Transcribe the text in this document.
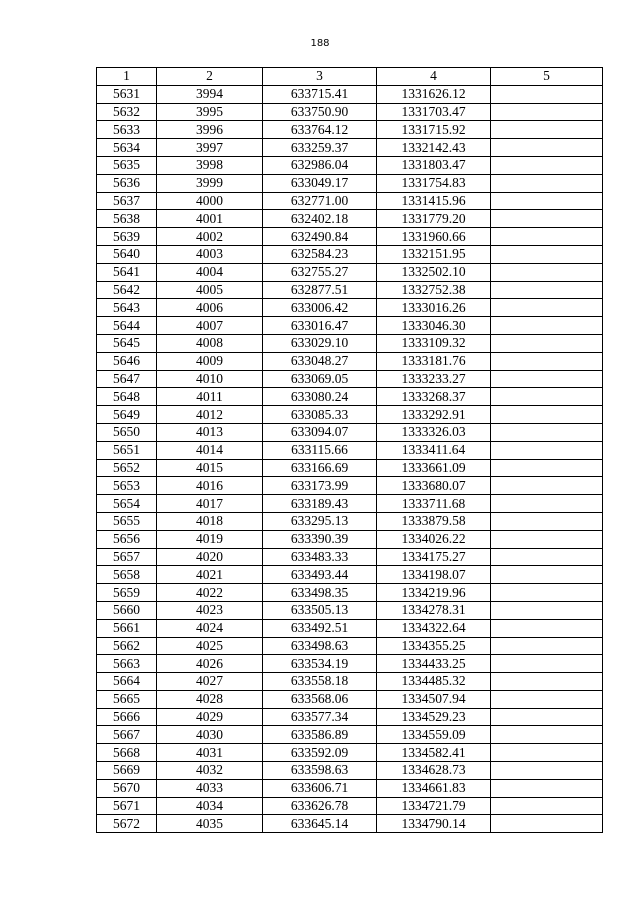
188
1	2	3	4	5
5631	3994	633715.41	1331626.12	
5632	3995	633750.90	1331703.47	
5633	3996	633764.12	1331715.92	
5634	3997	633259.37	1332142.43	
5635	3998	632986.04	1331803.47	
5636	3999	633049.17	1331754.83	
5637	4000	632771.00	1331415.96	
5638	4001	632402.18	1331779.20	
5639	4002	632490.84	1331960.66	
5640	4003	632584.23	1332151.95	
5641	4004	632755.27	1332502.10	
5642	4005	632877.51	1332752.38	
5643	4006	633006.42	1333016.26	
5644	4007	633016.47	1333046.30	
5645	4008	633029.10	1333109.32	
5646	4009	633048.27	1333181.76	
5647	4010	633069.05	1333233.27	
5648	4011	633080.24	1333268.37	
5649	4012	633085.33	1333292.91	
5650	4013	633094.07	1333326.03	
5651	4014	633115.66	1333411.64	
5652	4015	633166.69	1333661.09	
5653	4016	633173.99	1333680.07	
5654	4017	633189.43	1333711.68	
5655	4018	633295.13	1333879.58	
5656	4019	633390.39	1334026.22	
5657	4020	633483.33	1334175.27	
5658	4021	633493.44	1334198.07	
5659	4022	633498.35	1334219.96	
5660	4023	633505.13	1334278.31	
5661	4024	633492.51	1334322.64	
5662	4025	633498.63	1334355.25	
5663	4026	633534.19	1334433.25	
5664	4027	633558.18	1334485.32	
5665	4028	633568.06	1334507.94	
5666	4029	633577.34	1334529.23	
5667	4030	633586.89	1334559.09	
5668	4031	633592.09	1334582.41	
5669	4032	633598.63	1334628.73	
5670	4033	633606.71	1334661.83	
5671	4034	633626.78	1334721.79	
5672	4035	633645.14	1334790.14	
